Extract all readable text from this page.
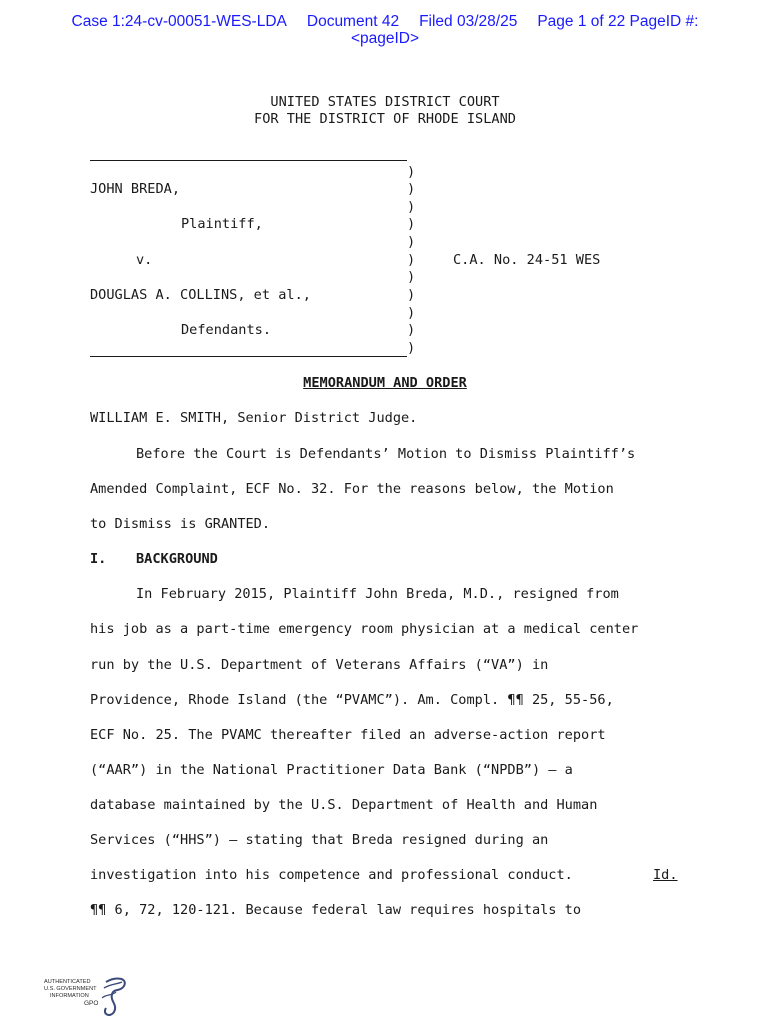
Case 1:24-cv-00051-WES-LDA Document 42 Filed 03/28/25 Page 1 of 22 PageID #:
<pageID>
UNITED STATES DISTRICT COURT
FOR THE DISTRICT OF RHODE ISLAND
JOHN BREDA,
Plaintiff,
v.	C.A. No. 24-51 WES
DOUGLAS A. COLLINS, et al.,
Defendants.
)
)
)
)
)
)
)
)
)
)
)
MEMORANDUM AND ORDER
WILLIAM E. SMITH, Senior District Judge.
Before the Court is Defendants’ Motion to Dismiss Plaintiff’s
Amended Complaint, ECF No. 32. For the reasons below, the Motion
to Dismiss is GRANTED.
I. BACKGROUND
In February 2015, Plaintiff John Breda, M.D., resigned from
his job as a part-time emergency room physician at a medical center
run by the U.S. Department of Veterans Affairs (“VA”) in
Providence, Rhode Island (the “PVAMC”). Am. Compl. ¶¶ 25, 55-56,
ECF No. 25. The PVAMC thereafter filed an adverse-action report
(“AAR”) in the National Practitioner Data Bank (“NPDB”) — a
database maintained by the U.S. Department of Health and Human
Services (“HHS”) — stating that Breda resigned during an
investigation into his competence and professional conduct.	Id.
¶¶ 6, 72, 120-121. Because federal law requires hospitals to
AUTHENTICATED
U.S. GOVERNMENT
INFORMATION
GPO
